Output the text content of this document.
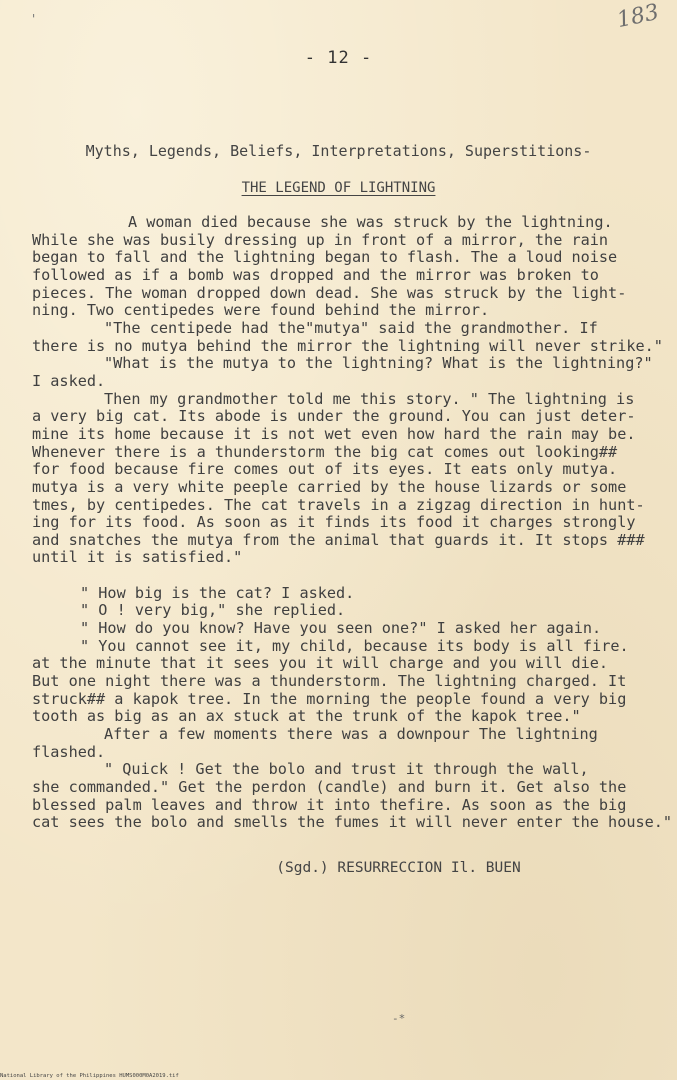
'	183
- 12 -
Myths, Legends, Beliefs, Interpretations, Superstitions-
THE LEGEND OF LIGHTNING

A woman died because she was struck by the lightning.

While she was busily dressing up in front of a mirror, the rain

began to fall and the lightning began to flash. The a loud noise

followed as if a bomb was dropped and the mirror was broken to

pieces. The woman dropped down dead. She was struck by the light-

ning. Two centipedes were found behind the mirror.

"The centipede had the"mutya" said the grandmother. If

there is no mutya behind the mirror the lightning will never strike."

"What is the mutya to the lightning? What is the lightning?"

I asked.

Then my grandmother told me this story. " The lightning is

a very big cat. Its abode is under the ground. You can just deter-

mine its home because it is not wet even how hard the rain may be.

Whenever there is a thunderstorm the big cat comes out looking##

for food because fire comes out of its eyes. It eats only mutya.

mutya is a very white peeple carried by the house lizards or some

tmes, by centipedes. The cat travels in a zigzag direction in hunt-

ing for its food. As soon as it finds its food it charges strongly

and snatches the mutya from the animal that guards it. It stops ###

until it is satisfied."

" How big is the cat? I asked.

" O ! very big," she replied.

" How do you know? Have you seen one?" I asked her again.

" You cannot see it, my child, because its body is all fire.

at the minute that it sees you it will charge and you will die.

But one night there was a thunderstorm. The lightning charged. It

struck## a kapok tree. In the morning the people found a very big

tooth as big as an ax stuck at the trunk of the kapok tree."

After a few moments there was a downpour The lightning

flashed.

" Quick ! Get the bolo and trust it through the wall,

she commanded." Get the perdon (candle) and burn it. Get also the

blessed palm leaves and throw it into thefire. As soon as the big

cat sees the bolo and smells the fumes it will never enter the house."

(Sgd.) RESURRECCION Il. BUEN
-*
National Library of the Philippines HUMS000M0A2019.tif
